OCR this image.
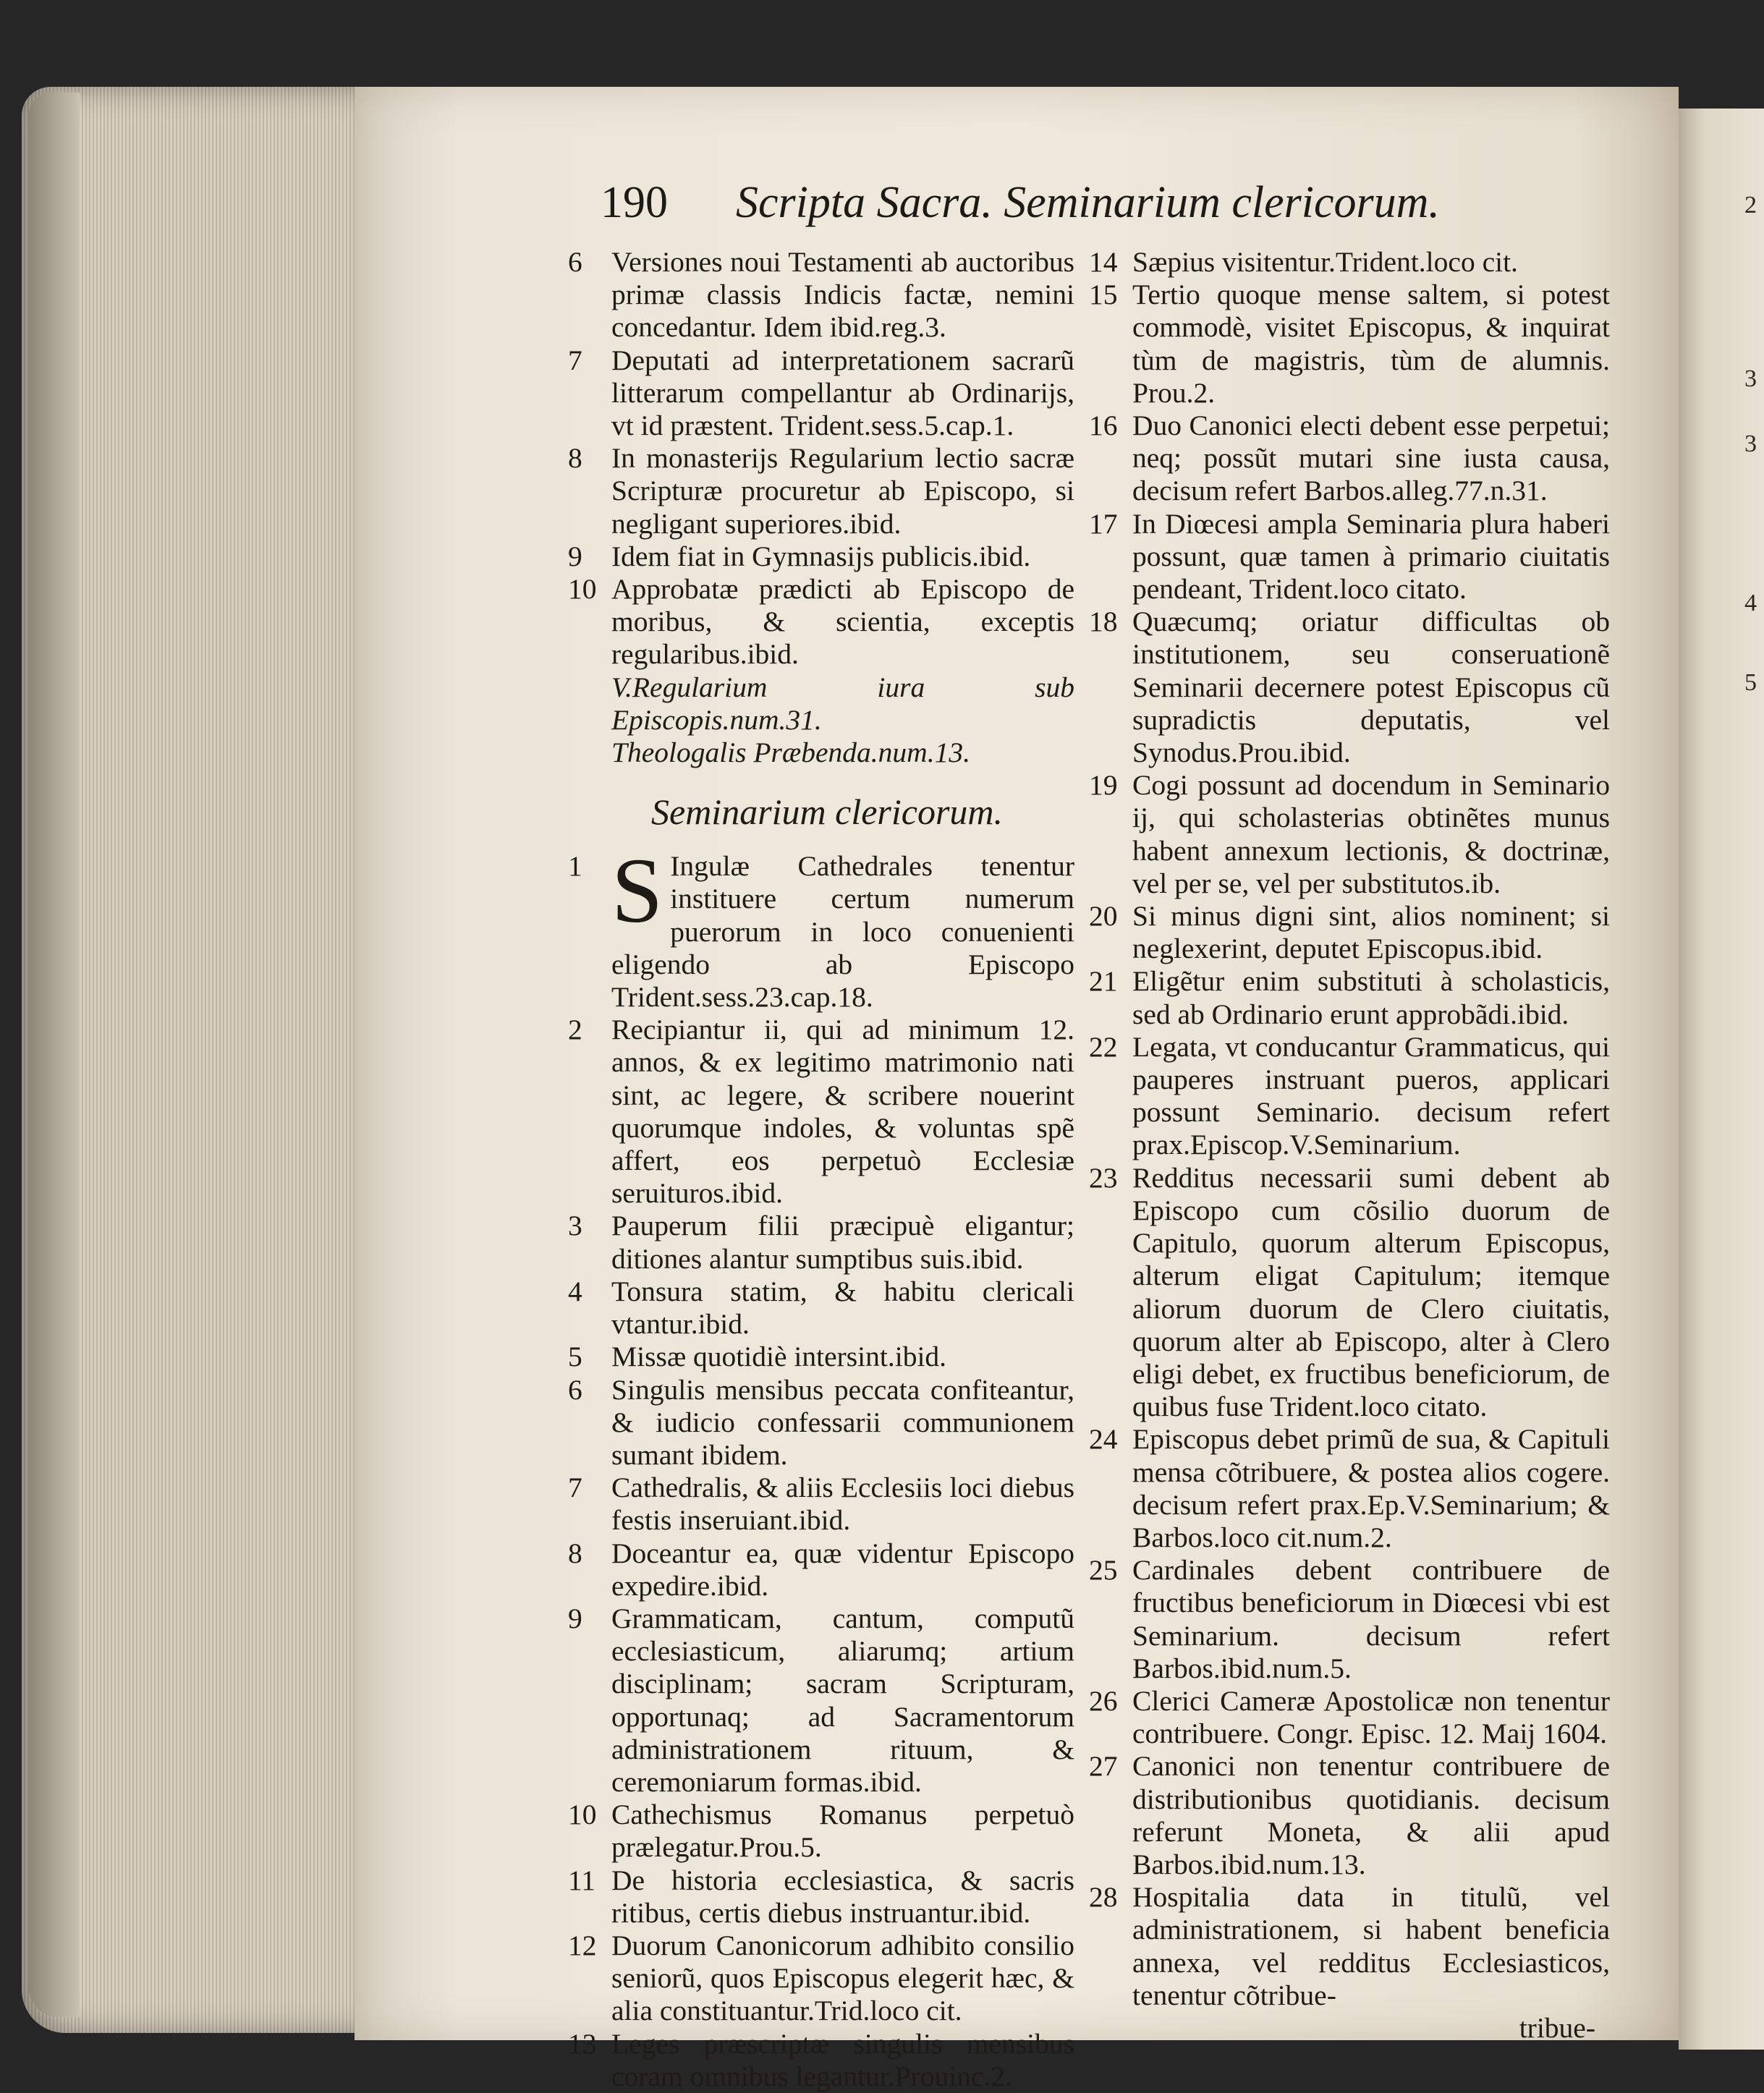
2
3
3
4
5
190 Scripta Sacra. Seminarium clericorum.
6	Versiones noui Testamenti ab auctoribus primæ classis Indicis factæ, nemini concedantur. Idem ibid.reg.3.
7	Deputati ad interpretationem sacrarũ litterarum compellantur ab Ordinarijs, vt id præstent. Trident.sess.5.cap.1.
8	In monasterijs Regularium lectio sacræ Scripturæ procuretur ab Episcopo, si negligant superiores.ibid.
9	Idem fiat in Gymnasijs publicis.ibid.
10 Approbatæ prædicti ab Episcopo de moribus, & scientia, exceptis regularibus.ibid.
V.Regularium iura sub Episcopis.num.31.
Theologalis Præbenda.num.13.
Seminarium clericorum.
1 S Ingulæ Cathedrales tenentur instituere certum numerum puerorum in loco conuenienti eligendo ab Episcopo Trident.sess.23.cap.18.
2	Recipiantur ii, qui ad minimum 12. annos, & ex legitimo matrimonio nati sint, ac legere, & scribere nouerint quorumque indoles, & voluntas spẽ affert, eos perpetuò Ecclesiæ seruituros.ibid.
3	Pauperum filii præcipuè eligantur; ditiones alantur sumptibus suis.ibid.
4	Tonsura statim, & habitu clericali vtantur.ibid.
5	Missæ quotidiè intersint.ibid.
6	Singulis mensibus peccata confiteantur, & iudicio confessarii communionem sumant ibidem.
7	Cathedralis, & aliis Ecclesiis loci diebus festis inseruiant.ibid.
8	Doceantur ea, quæ videntur Episcopo expedire.ibid.
9	Grammaticam, cantum, computũ ecclesiasticum, aliarumq; artium disciplinam; sacram Scripturam, opportunaq; ad Sacramentorum administrationem rituum, & ceremoniarum formas.ibid.
10 Cathechismus Romanus perpetuò prælegatur.Prou.5.
11 De historia ecclesiastica, & sacris ritibus, certis diebus instruantur.ibid.
12 Duorum Canonicorum adhibito consilio seniorũ, quos Episcopus elegerit hæc, & alia constituantur.Trid.loco cit.
13 Leges præscriptæ singulis mensibus coram omnibus legantur.Prouinc.2.
14 Sæpius visitentur.Trident.loco cit.
15 Tertio quoque mense saltem, si potest commodè, visitet Episcopus, & inquirat tùm de magistris, tùm de alumnis. Prou.2.
16 Duo Canonici electi debent esse perpetui; neq; possũt mutari sine iusta causa, decisum refert Barbos.alleg.77.n.31.
17 In Diœcesi ampla Seminaria plura haberi possunt, quæ tamen à primario ciuitatis pendeant, Trident.loco citato.
18 Quæcumq; oriatur difficultas ob institutionem, seu conseruationẽ Seminarii decernere potest Episcopus cũ supradictis deputatis, vel Synodus.Prou.ibid.
19 Cogi possunt ad docendum in Seminario ij, qui scholasterias obtinẽtes munus habent annexum lectionis, & doctrinæ, vel per se, vel per substitutos.ib.
20 Si minus digni sint, alios nominent; si neglexerint, deputet Episcopus.ibid.
21 Eligẽtur enim substituti à scholasticis, sed ab Ordinario erunt approbãdi.ibid.
22 Legata, vt conducantur Grammaticus, qui pauperes instruant pueros, applicari possunt Seminario. decisum refert prax.Episcop.V.Seminarium.
23 Redditus necessarii sumi debent ab Episcopo cum cõsilio duorum de Capitulo, quorum alterum Episcopus, alterum eligat Capitulum; itemque aliorum duorum de Clero ciuitatis, quorum alter ab Episcopo, alter à Clero eligi debet, ex fructibus beneficiorum, de quibus fuse Trident.loco citato.
24 Episcopus debet primũ de sua, & Capituli mensa cõtribuere, & postea alios cogere. decisum refert prax.Ep.V.Seminarium; & Barbos.loco cit.num.2.
25 Cardinales debent contribuere de fructibus beneficiorum in Diœcesi vbi est Seminarium. decisum refert Barbos.ibid.num.5.
26 Clerici Cameræ Apostolicæ non tenentur contribuere. Congr. Episc. 12. Maij 1604.
27 Canonici non tenentur contribuere de distributionibus quotidianis. decisum referunt Moneta, & alii apud Barbos.ibid.num.13.
28 Hospitalia data in titulũ, vel administrationem, si habent beneficia annexa, vel redditus Ecclesiasticos, tenentur cõtribue-
tribue-
